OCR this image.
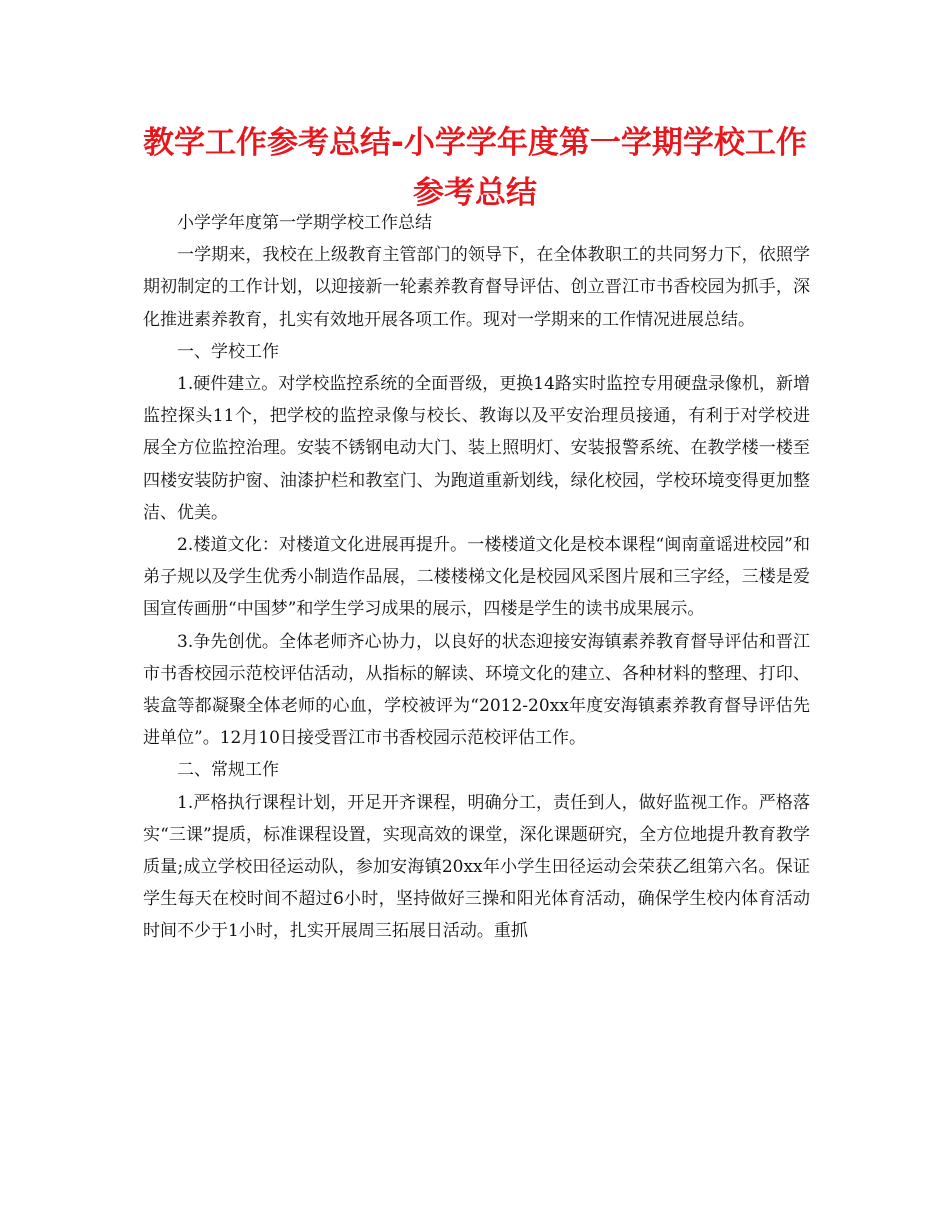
教学工作参考总结-小学学年度第一学期学校工作参考总结

小学学年度第一学期学校工作总结

一学期来，我校在上级教育主管部门的领导下，在全体教职工的共同努力下，依照学期初制定的工作计划，以迎接新一轮素养教育督导评估、创立晋江市书香校园为抓手，深化推进素养教育，扎实有效地开展各项工作。现对一学期来的工作情况进展总结。

一、学校工作

1.硬件建立。对学校监控系统的全面晋级，更换14路实时监控专用硬盘录像机，新增监控探头11个，把学校的监控录像与校长、教诲以及平安治理员接通，有利于对学校进展全方位监控治理。安装不锈钢电动大门、装上照明灯、安装报警系统、在教学楼一楼至四楼安装防护窗、油漆护栏和教室门、为跑道重新划线，绿化校园，学校环境变得更加整洁、优美。

2.楼道文化：对楼道文化进展再提升。一楼楼道文化是校本课程“闽南童谣进校园”和弟子规以及学生优秀小制造作品展，二楼楼梯文化是校园风采图片展和三字经，三楼是爱国宣传画册“中国梦”和学生学习成果的展示，四楼是学生的读书成果展示。

3.争先创优。全体老师齐心协力，以良好的状态迎接安海镇素养教育督导评估和晋江市书香校园示范校评估活动，从指标的解读、环境文化的建立、各种材料的整理、打印、装盒等都凝聚全体老师的心血，学校被评为“2012-20xx年度安海镇素养教育督导评估先进单位”。12月10日接受晋江市书香校园示范校评估工作。

二、常规工作

1.严格执行课程计划，开足开齐课程，明确分工，责任到人，做好监视工作。严格落实“三课”提质，标准课程设置，实现高效的课堂，深化课题研究，全方位地提升教育教学质量;成立学校田径运动队，参加安海镇20xx年小学生田径运动会荣获乙组第六名。保证学生每天在校时间不超过6小时，坚持做好三操和阳光体育活动，确保学生校内体育活动时间不少于1小时，扎实开展周三拓展日活动。重抓
